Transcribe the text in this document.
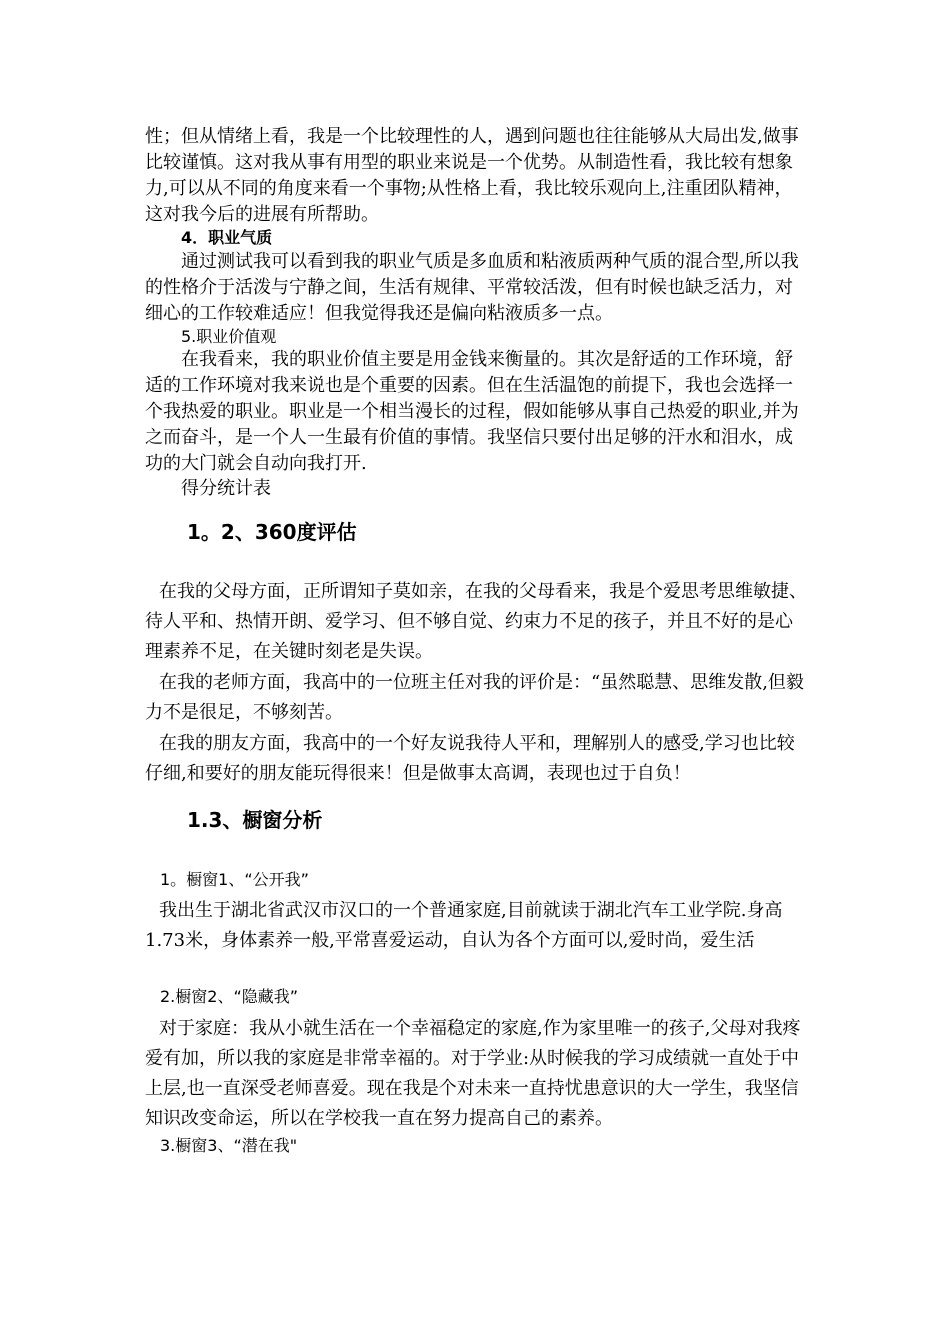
性；但从情绪上看，我是一个比较理性的人，遇到问题也往往能够从大局出发,做事比较谨慎。这对我从事有用型的职业来说是一个优势。从制造性看，我比较有想象力,可以从不同的角度来看一个事物;从性格上看，我比较乐观向上,注重团队精神，这对我今后的进展有所帮助。

4．职业气质

通过测试我可以看到我的职业气质是多血质和粘液质两种气质的混合型,所以我的性格介于活泼与宁静之间，生活有规律、平常较活泼，但有时候也缺乏活力，对细心的工作较难适应！但我觉得我还是偏向粘液质多一点。

5.职业价值观

在我看来，我的职业价值主要是用金钱来衡量的。其次是舒适的工作环境，舒适的工作环境对我来说也是个重要的因素。但在生活温饱的前提下，我也会选择一个我热爱的职业。职业是一个相当漫长的过程，假如能够从事自己热爱的职业,并为之而奋斗，是一个人一生最有价值的事情。我坚信只要付出足够的汗水和泪水，成功的大门就会自动向我打开.

得分统计表

1。2、360度评估

在我的父母方面，正所谓知子莫如亲，在我的父母看来，我是个爱思考思维敏捷、待人平和、热情开朗、爱学习、但不够自觉、约束力不足的孩子，并且不好的是心理素养不足，在关键时刻老是失误。

在我的老师方面，我高中的一位班主任对我的评价是：“虽然聪慧、思维发散,但毅力不是很足，不够刻苦。

在我的朋友方面，我高中的一个好友说我待人平和，理解别人的感受,学习也比较仔细,和要好的朋友能玩得很来！但是做事太高调，表现也过于自负！

1.3、橱窗分析

1。橱窗1、“公开我”

我出生于湖北省武汉市汉口的一个普通家庭,目前就读于湖北汽车工业学院.身高1.73米，身体素养一般,平常喜爱运动，自认为各个方面可以,爱时尚，爱生活

2.橱窗2、“隐藏我”

对于家庭：我从小就生活在一个幸福稳定的家庭,作为家里唯一的孩子,父母对我疼爱有加，所以我的家庭是非常幸福的。对于学业:从时候我的学习成绩就一直处于中上层,也一直深受老师喜爱。现在我是个对未来一直持忧患意识的大一学生，我坚信知识改变命运，所以在学校我一直在努力提高自己的素养。

3.橱窗3、“潜在我"
